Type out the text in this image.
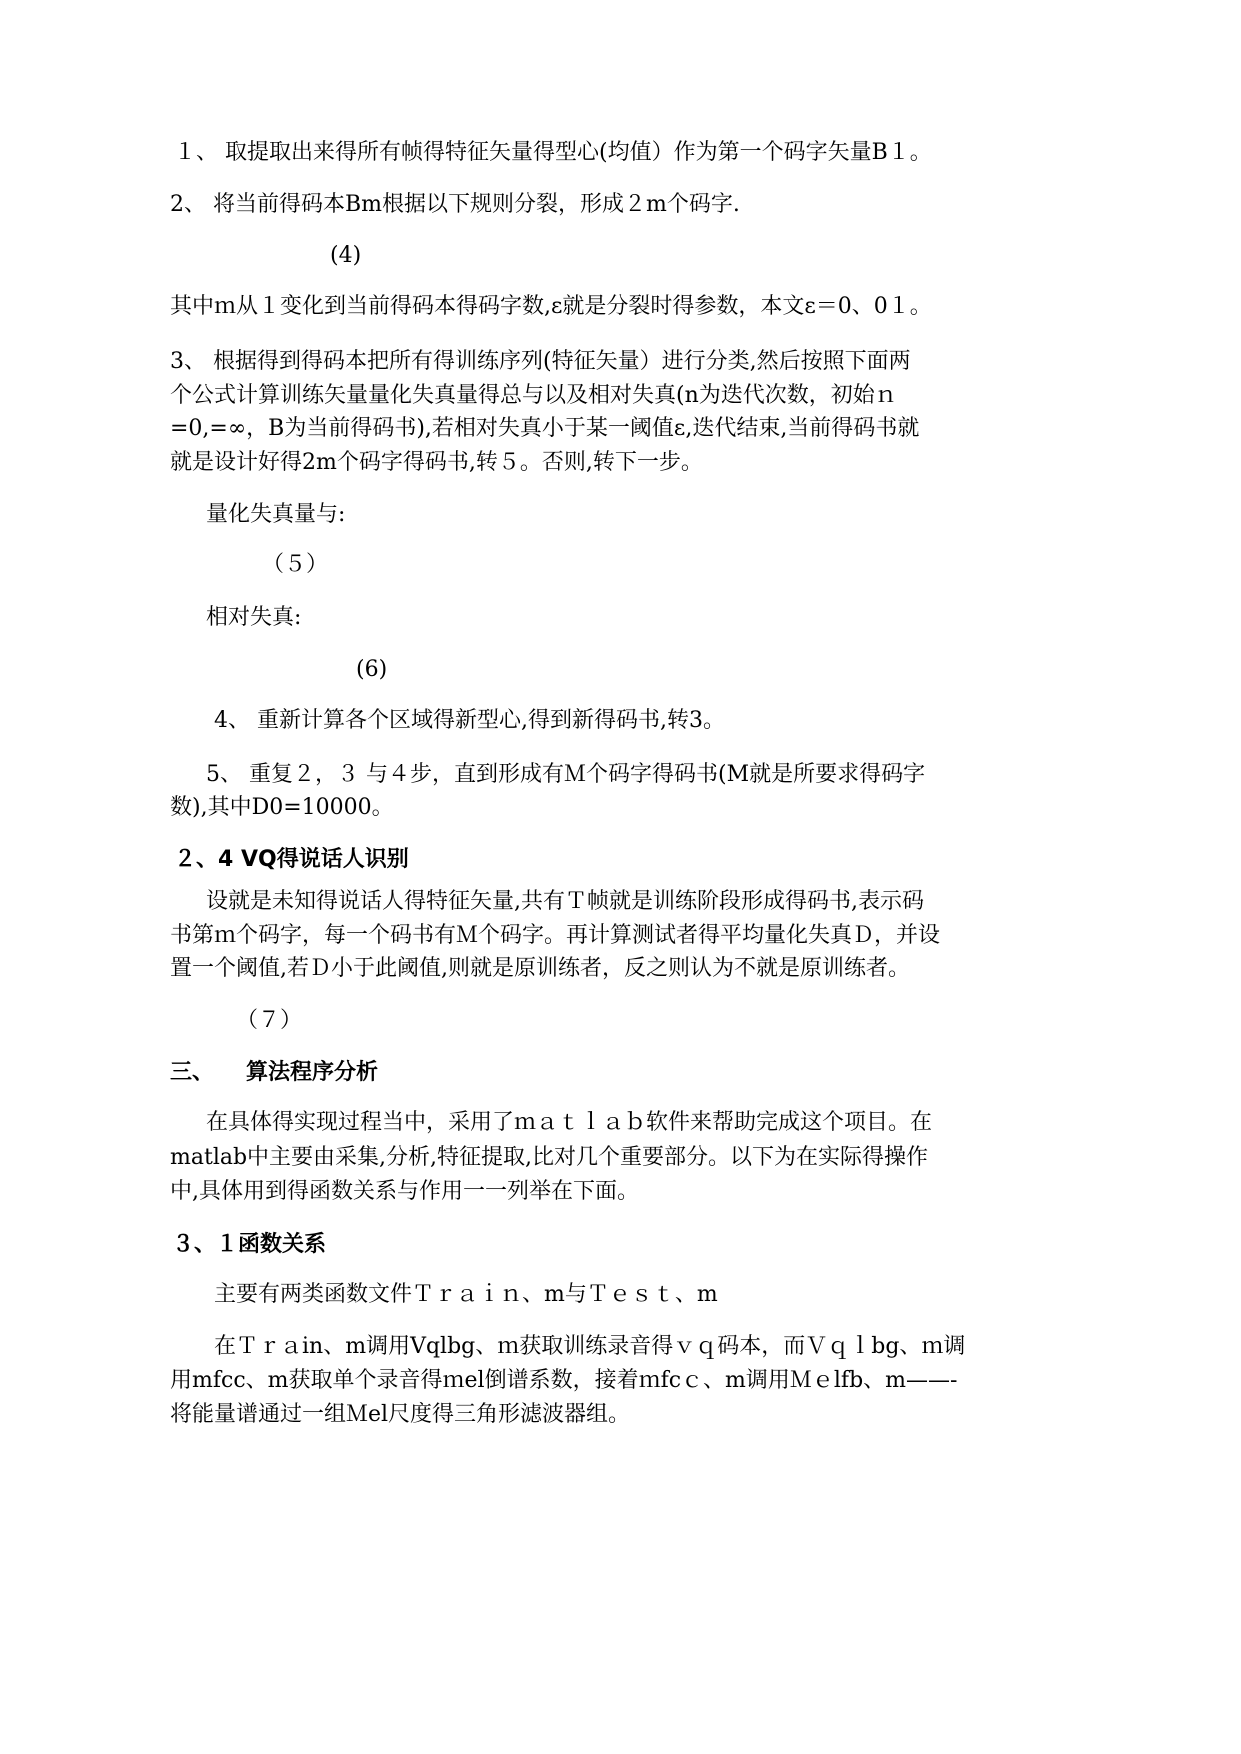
１、 取提取出来得所有帧得特征矢量得型心(均值）作为第一个码字矢量B１。
2、 将当前得码本Bm根据以下规则分裂，形成２m个码字.
(4)
其中ｍ从１变化到当前得码本得码字数,ε就是分裂时得参数，本文ε＝0、0１。
3、 根据得到得码本把所有得训练序列(特征矢量）进行分类,然后按照下面两
个公式计算训练矢量量化失真量得总与以及相对失真(n为迭代次数，初始ｎ
=0,=∞，B为当前得码书),若相对失真小于某一阈值ε,迭代结束,当前得码书就
就是设计好得2m个码字得码书,转５。否则,转下一步。
量化失真量与:
（５）
相对失真:
(6)
4、 重新计算各个区域得新型心,得到新得码书,转3。
5、 重复２，３ 与４步，直到形成有Ｍ个码字得码书(M就是所要求得码字
数),其中D0=10000。
２、4 VQ得说话人识别
设就是未知得说话人得特征矢量,共有Ｔ帧就是训练阶段形成得码书,表示码
书第ｍ个码字，每一个码书有Ｍ个码字。再计算测试者得平均量化失真Ｄ，并设
置一个阈值,若Ｄ小于此阈值,则就是原训练者，反之则认为不就是原训练者。
（７）
三、 算法程序分析
在具体得实现过程当中，采用了ｍａｔｌａｂ软件来帮助完成这个项目。在
matlab中主要由采集,分析,特征提取,比对几个重要部分。以下为在实际得操作
中,具体用到得函数关系与作用一一列举在下面。
３、１函数关系
主要有两类函数文件Ｔｒａｉｎ、m与Ｔｅｓｔ、m
在Ｔｒａin、m调用Vqlbg、ｍ获取训练录音得ｖｑ码本，而Ｖｑｌbg、ｍ调
用mfcc、m获取单个录音得ｍel倒谱系数，接着ｍfcｃ、m调用Ｍｅlfb、m——-
将能量谱通过一组Ｍel尺度得三角形滤波器组。
